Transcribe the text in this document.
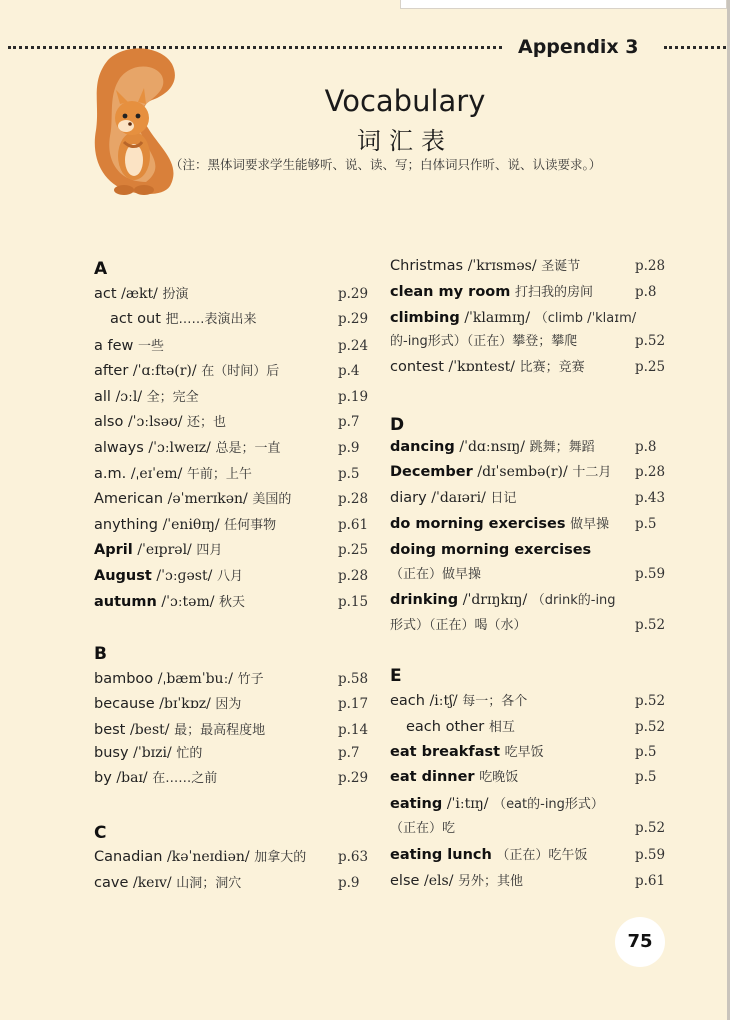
Appendix 3
Vocabulary
词汇表
（注：黑体词要求学生能够听、说、读、写；白体词只作听、说、认读要求。）
A
act /ækt/ 扮演	p.29
act out 把……表演出来	p.29
a few 一些	p.24
after /ˈɑːftə(r)/ 在（时间）后	p.4
all /ɔːl/ 全；完全	p.19
also /ˈɔːlsəʊ/ 还；也	p.7
always /ˈɔːlweɪz/ 总是；一直	p.9
a.m. /ˌeɪˈem/ 午前；上午	p.5
American /əˈmerɪkən/ 美国的	p.28
anything /ˈeniθɪŋ/ 任何事物	p.61
April /ˈeɪprəl/ 四月	p.25
August /ˈɔːɡəst/ 八月	p.28
autumn /ˈɔːtəm/ 秋天	p.15
B
bamboo /ˌbæmˈbuː/ 竹子	p.58
because /bɪˈkɒz/ 因为	p.17
best /best/ 最；最高程度地	p.14
busy /ˈbɪzi/ 忙的	p.7
by /baɪ/ 在……之前	p.29
C
Canadian /kəˈneɪdiən/ 加拿大的 p.63
cave /keɪv/ 山洞；洞穴	p.9
Christmas /ˈkrɪsməs/ 圣诞节	p.28
clean my room 打扫我的房间	p.8
climbing /ˈklaɪmɪŋ/ （climb /ˈklaɪm/
的-ing形式）（正在）攀登；攀爬	p.52
contest /ˈkɒntest/ 比赛；竞赛	p.25
D
dancing /ˈdɑːnsɪŋ/ 跳舞；舞蹈	p.8
December /dɪˈsembə(r)/ 十二月 p.28
diary /ˈdaɪəri/ 日记	p.43
do morning exercises 做早操 p.5
doing morning exercises
（正在）做早操	p.59
drinking /ˈdrɪŋkɪŋ/ （drink的-ing
形式）（正在）喝（水）	p.52
E
each /iːtʃ/ 每一；各个	p.52
each other 相互	p.52
eat breakfast 吃早饭	p.5
eat dinner 吃晚饭	p.5
eating /ˈiːtɪŋ/ （eat的-ing形式）
（正在）吃	p.52
eating lunch （正在）吃午饭	p.59
else /els/ 另外；其他	p.61
75
